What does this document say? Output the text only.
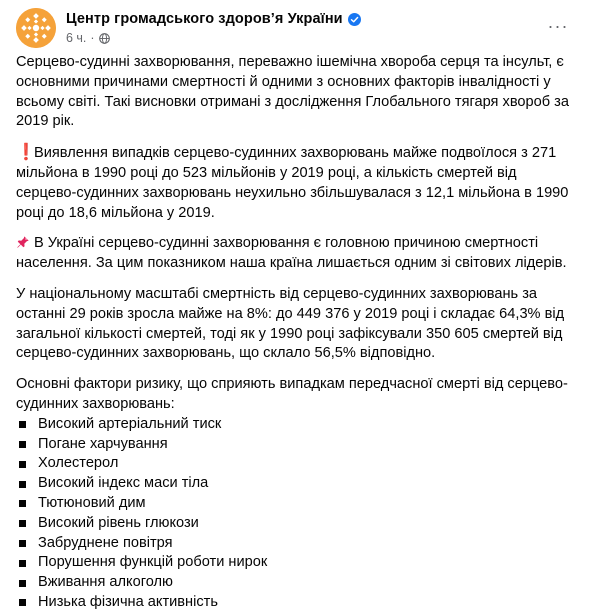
Центр громадського здоров’я України
6 ч. ·
···

Серцево-судинні захворювання, переважно ішемічна хвороба серця та інсульт, є основними причинами смертності й одними з основних факторів інвалідності у всьому світі. Такі висновки отримані з дослідження Глобального тягаря хвороб за 2019 рік.

❗Виявлення випадків серцево-судинних захворювань майже подвоїлося з 271 мільйона в 1990 році до 523 мільйонів у 2019 році, а кількість смертей від серцево-судинних захворювань неухильно збільшувалася з 12,1 мільйона в 1990 році до 18,6 мільйона у 2019.

В Україні серцево-судинні захворювання є головною причиною смертності населення. За цим показником наша країна лишається одним зі світових лідерів.

У національному масштабі смертність від серцево-судинних захворювань за останні 29 років зросла майже на 8%: до 449 376 у 2019 році і складає 64,3% від загальної кількості смертей, тоді як у 1990 році зафіксували 350 605 смертей від серцево-судинних захворювань, що склало 56,5% відповідно.

Основні фактори ризику, що сприяють випадкам передчасної смерті від серцево-судинних захворювань:

Високий артеріальний тиск
Погане харчування
Холестерол
Високий індекс маси тіла
Тютюновий дим
Високий рівень глюкози
Забруднене повітря
Порушення функцій роботи нирок
Вживання алкоголю
Низька фізична активність
